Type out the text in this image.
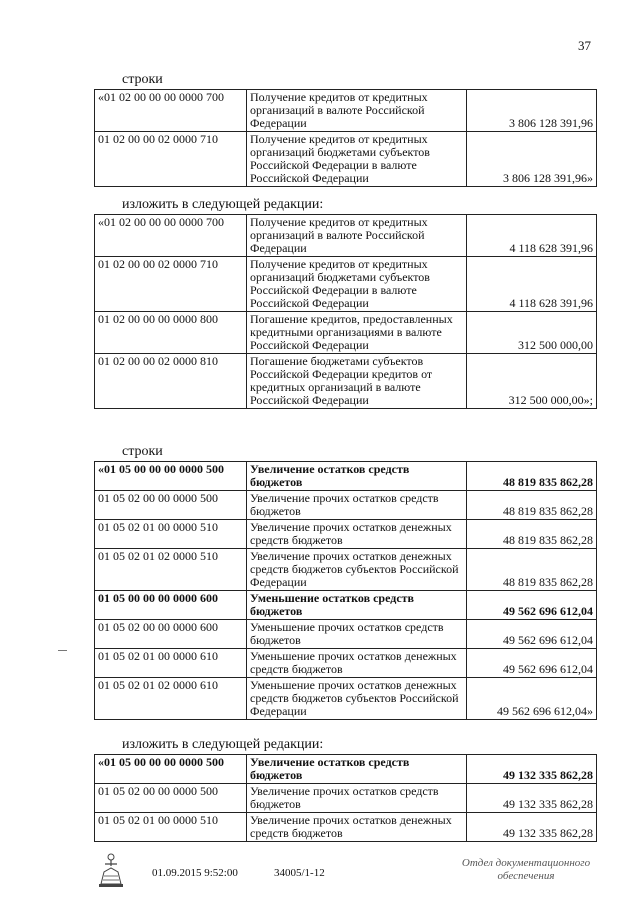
37
строки
«01 02 00 00 00 0000 700	Получение кредитов от кредитных организаций в валюте Российской Федерации	3 806 128 391,96
01 02 00 00 02 0000 710	Получение кредитов от кредитных организаций бюджетами субъектов Российской Федерации в валюте Российской Федерации	3 806 128 391,96»
изложить в следующей редакции:
«01 02 00 00 00 0000 700	Получение кредитов от кредитных организаций в валюте Российской Федерации	4 118 628 391,96
01 02 00 00 02 0000 710	Получение кредитов от кредитных организаций бюджетами субъектов Российской Федерации в валюте Российской Федерации	4 118 628 391,96
01 02 00 00 00 0000 800	Погашение кредитов, предоставленных кредитными организациями в валюте Российской Федерации	312 500 000,00
01 02 00 00 02 0000 810	Погашение бюджетами субъектов Российской Федерации кредитов от кредитных организаций в валюте Российской Федерации	312 500 000,00»;
строки
«01 05 00 00 00 0000 500	Увеличение остатков средств бюджетов	48 819 835 862,28
01 05 02 00 00 0000 500	Увеличение прочих остатков средств бюджетов	48 819 835 862,28
01 05 02 01 00 0000 510	Увеличение прочих остатков денежных средств бюджетов	48 819 835 862,28
01 05 02 01 02 0000 510	Увеличение прочих остатков денежных средств бюджетов субъектов Российской Федерации	48 819 835 862,28
01 05 00 00 00 0000 600	Уменьшение остатков средств бюджетов	49 562 696 612,04
01 05 02 00 00 0000 600	Уменьшение прочих остатков средств бюджетов	49 562 696 612,04
01 05 02 01 00 0000 610	Уменьшение прочих остатков денежных средств бюджетов	49 562 696 612,04
01 05 02 01 02 0000 610	Уменьшение прочих остатков денежных средств бюджетов субъектов Российской Федерации	49 562 696 612,04»
изложить в следующей редакции:
«01 05 00 00 00 0000 500	Увеличение остатков средств бюджетов	49 132 335 862,28
01 05 02 00 00 0000 500	Увеличение прочих остатков средств бюджетов	49 132 335 862,28
01 05 02 01 00 0000 510	Увеличение прочих остатков денежных средств бюджетов	49 132 335 862,28
01.09.2015 9:52:00	34005/1-12
Отдел документационного обеспечения
